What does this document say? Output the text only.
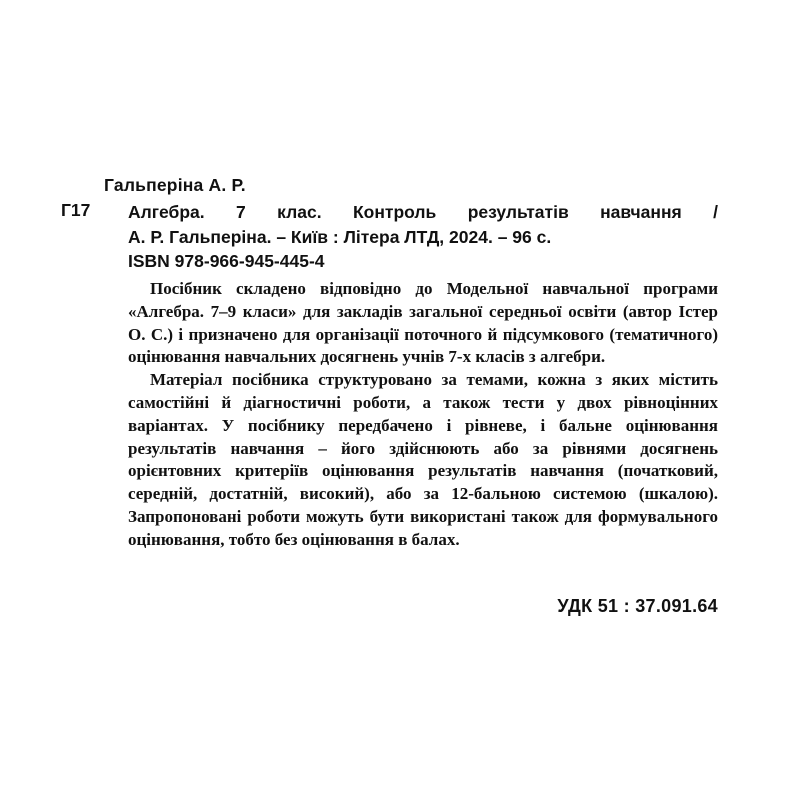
Гальперіна А. Р.
Г17 Алгебра. 7 клас. Контроль результатів навчання /
А. Р. Гальперіна. – Київ : Літера ЛТД, 2024. – 96 с.
ISBN 978-966-945-445-4

Посібник складено відповідно до Модельної навчальної програми «Алгебра. 7–9 класи» для закладів загальної середньої освіти (автор Істер О. С.) і призначено для організації поточного й підсумкового (тематичного) оцінювання навчальних досягнень учнів 7-х класів з алгебри.

Матеріал посібника структуровано за темами, кожна з яких містить самостійні й діагностичні роботи, а також тести у двох рівноцінних варіантах. У посібнику передбачено і рівневе, і бальне оцінювання результатів навчання – його здійснюють або за рівнями досягнень орієнтовних критеріїв оцінювання результатів навчання (початковий, середній, достатній, високий), або за 12-бальною системою (шкалою). Запропоновані роботи можуть бути використані також для формувального оцінювання, тобто без оцінювання в балах.

УДК 51 : 37.091.64
